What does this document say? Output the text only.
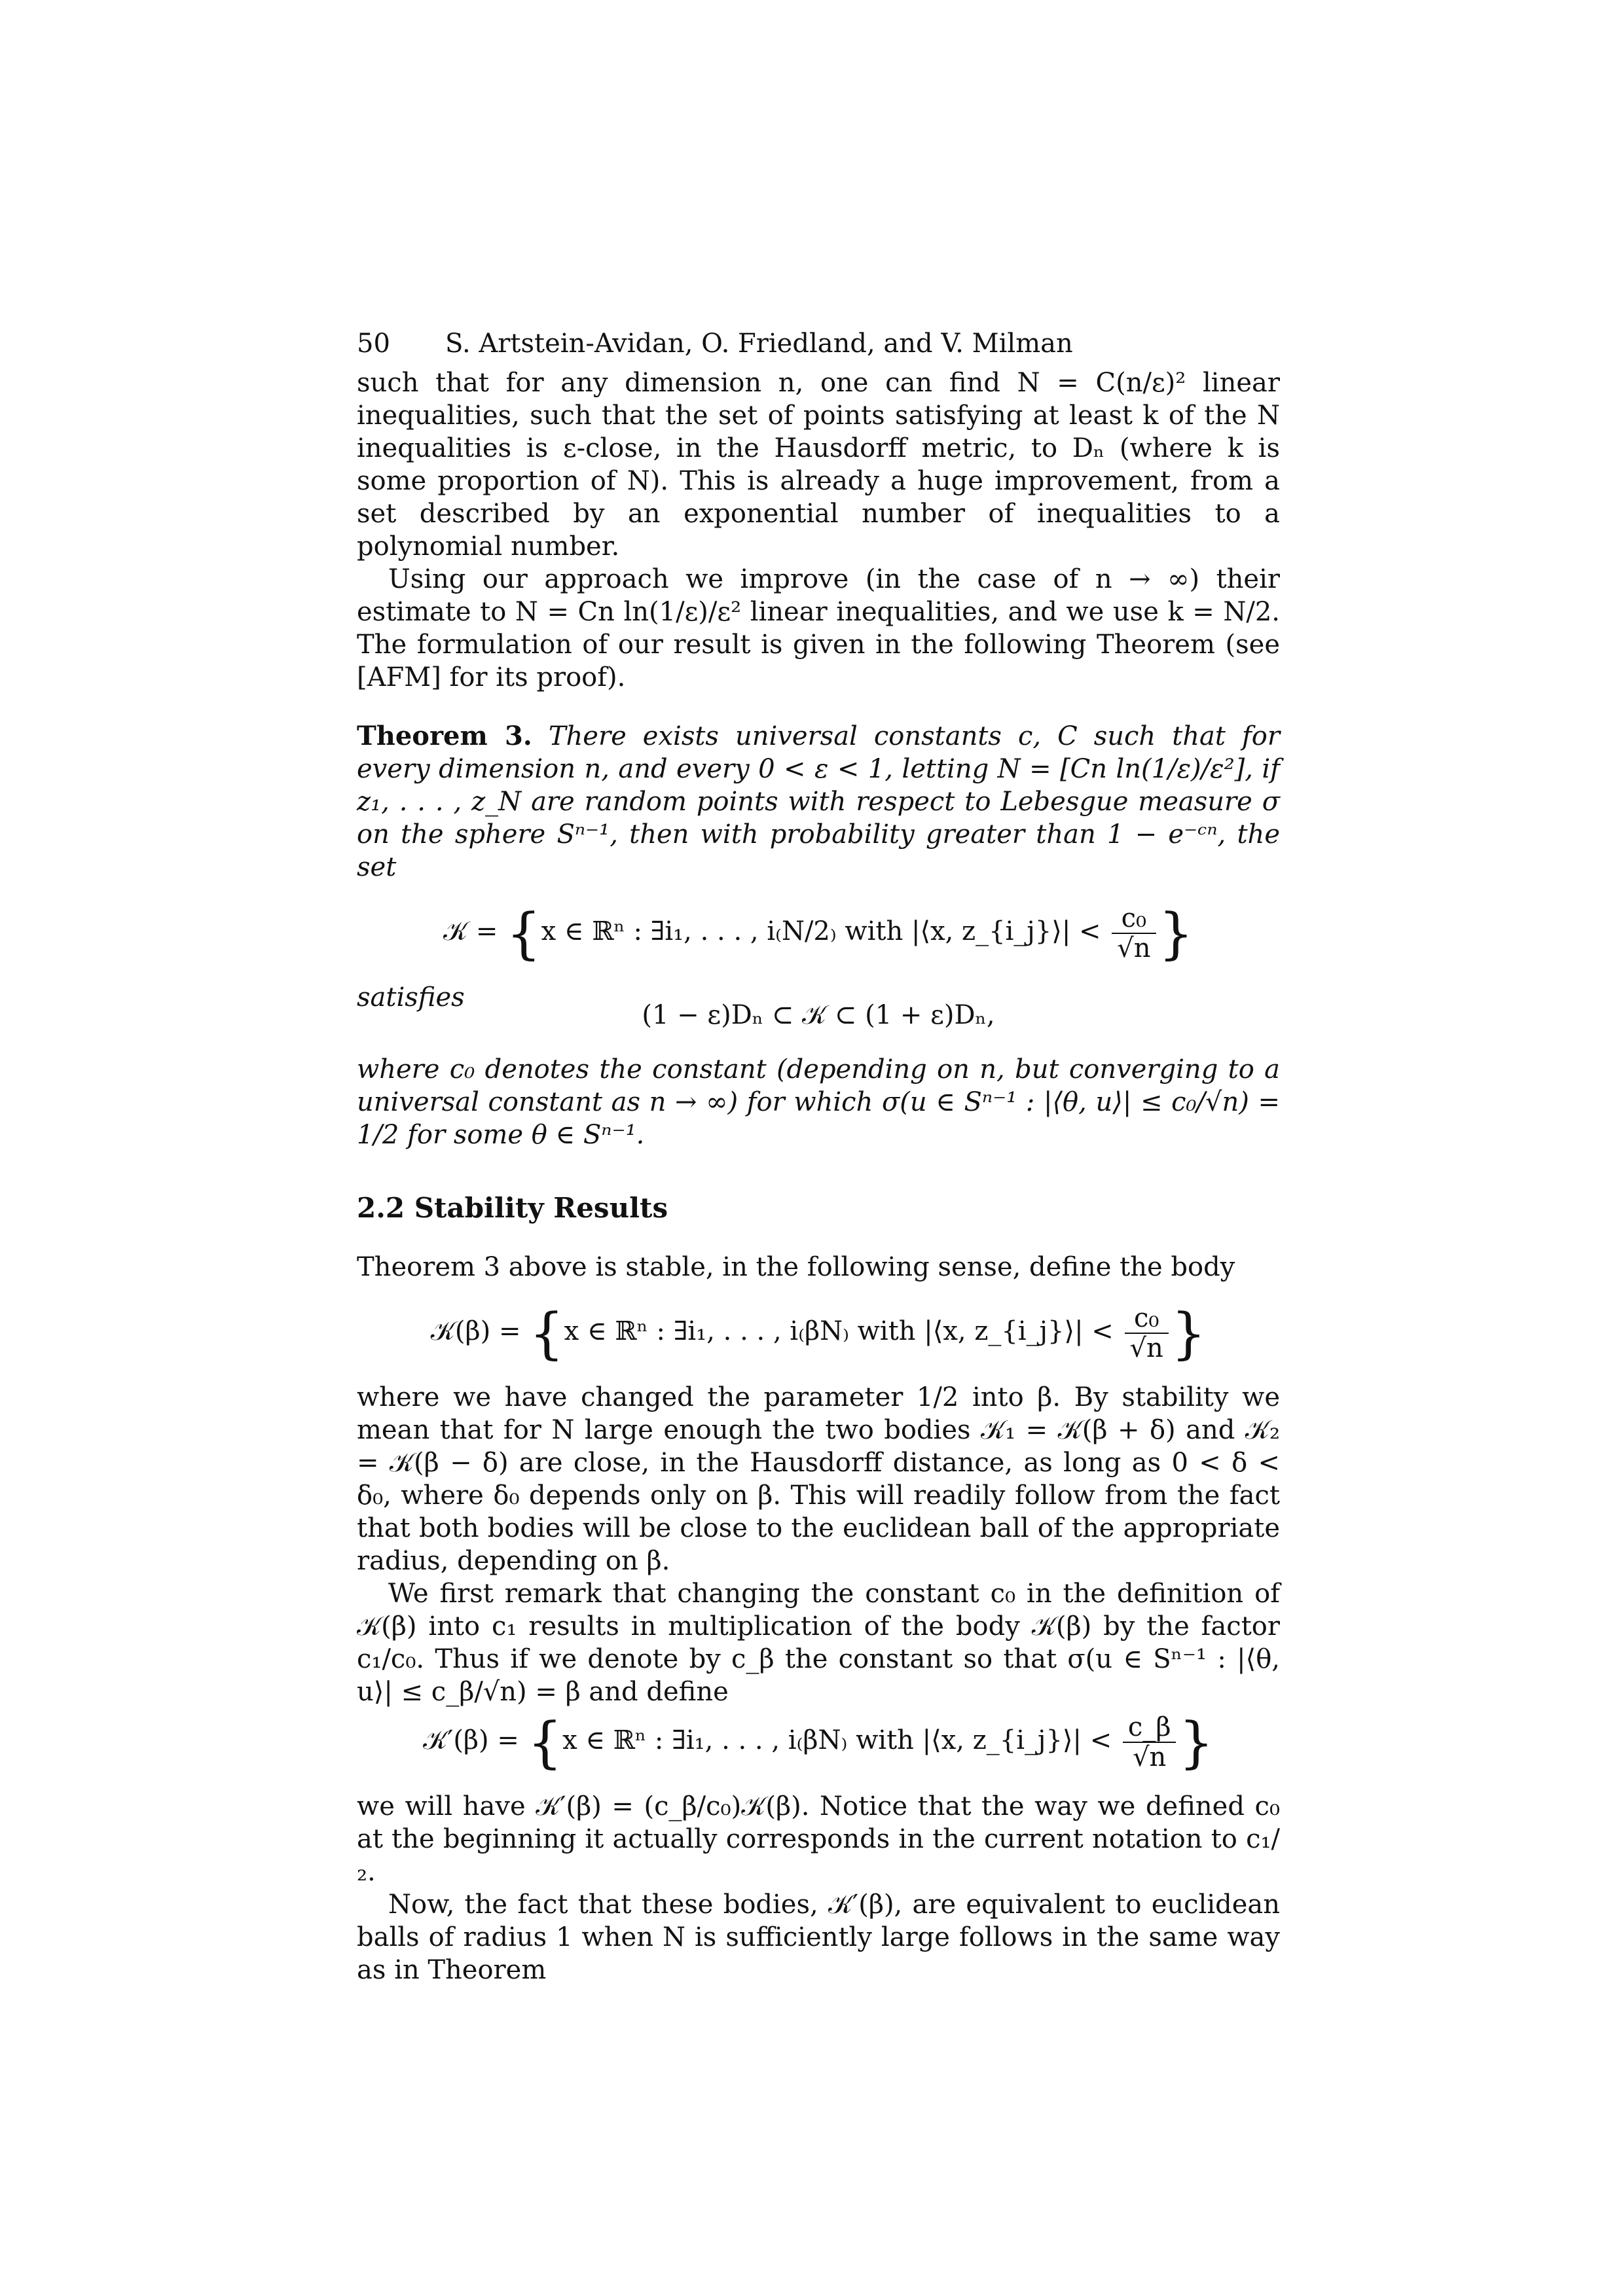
50 S. Artstein-Avidan, O. Friedland, and V. Milman

such that for any dimension n, one can find N = C(n/ε)² linear inequalities, such that the set of points satisfying at least k of the N inequalities is ε-close, in the Hausdorff metric, to Dₙ (where k is some proportion of N). This is already a huge improvement, from a set described by an exponential number of inequalities to a polynomial number.

Using our approach we improve (in the case of n → ∞) their estimate to N = Cn ln(1/ε)/ε² linear inequalities, and we use k = N/2. The formulation of our result is given in the following Theorem (see [AFM] for its proof).

Theorem 3. There exists universal constants c, C such that for every dimension n, and every 0 < ε < 1, letting N = [Cn ln(1/ε)/ε²], if z₁, . . . , z_N are random points with respect to Lebesgue measure σ on the sphere Sⁿ⁻¹, then with probability greater than 1 − e⁻ᶜⁿ, the set

𝒦 = {x ∈ ℝⁿ : ∃i₁, . . . , i₍N/2₎ with |⟨x, z_{i_j}⟩| < $\frac{\text{c₀}}{√n}$ }

satisfies

(1 − ε)Dₙ ⊂ 𝒦 ⊂ (1 + ε)Dₙ,

where c₀ denotes the constant (depending on n, but converging to a universal constant as n → ∞) for which σ(u ∈ Sⁿ⁻¹ : |⟨θ, u⟩| ≤ c₀/√n) = 1/2 for some θ ∈ Sⁿ⁻¹.

2.2 Stability Results

Theorem 3 above is stable, in the following sense, define the body

𝒦(β) = {x ∈ ℝⁿ : ∃i₁, . . . , i₍βN₎ with |⟨x, z_{i_j}⟩| < $\frac{\text{c₀}}{√n}$ }

where we have changed the parameter 1/2 into β. By stability we mean that for N large enough the two bodies 𝒦₁ = 𝒦(β + δ) and 𝒦₂ = 𝒦(β − δ) are close, in the Hausdorff distance, as long as 0 < δ < δ₀, where δ₀ depends only on β. This will readily follow from the fact that both bodies will be close to the euclidean ball of the appropriate radius, depending on β.

We first remark that changing the constant c₀ in the definition of 𝒦(β) into c₁ results in multiplication of the body 𝒦(β) by the factor c₁/c₀. Thus if we denote by c_β the constant so that σ(u ∈ Sⁿ⁻¹ : |⟨θ, u⟩| ≤ c_β/√n) = β and define

𝒦′(β) = {x ∈ ℝⁿ : ∃i₁, . . . , i₍βN₎ with |⟨x, z_{i_j}⟩| < $\frac{c\_\beta}{√n}$ }

we will have 𝒦′(β) = (c_β/c₀)𝒦(β). Notice that the way we defined c₀ at the beginning it actually corresponds in the current notation to c₁/₂.

Now, the fact that these bodies, 𝒦′(β), are equivalent to euclidean balls of radius 1 when N is sufficiently large follows in the same way as in Theorem
